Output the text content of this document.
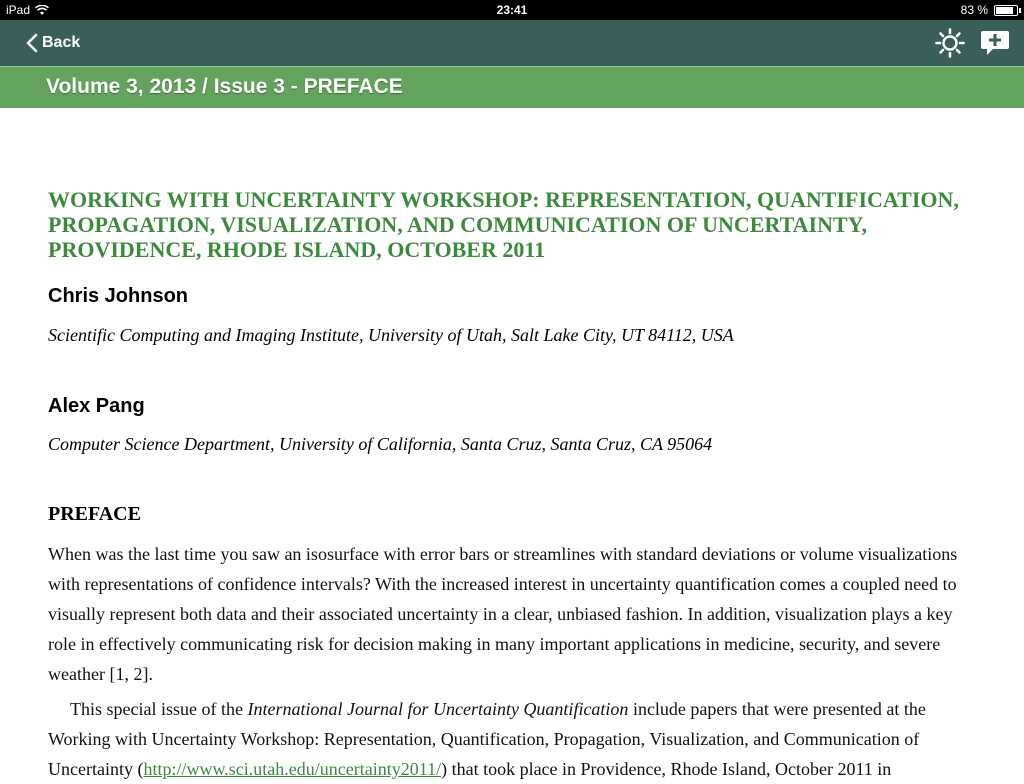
iPad	23:41	83 %
Back
Volume 3, 2013 / Issue 3 - PREFACE
WORKING WITH UNCERTAINTY WORKSHOP: REPRESENTATION, QUANTIFICATION, PROPAGATION, VISUALIZATION, AND COMMUNICATION OF UNCERTAINTY, PROVIDENCE, RHODE ISLAND, OCTOBER 2011

Chris Johnson

Scientific Computing and Imaging Institute, University of Utah, Salt Lake City, UT 84112, USA

Alex Pang

Computer Science Department, University of California, Santa Cruz, Santa Cruz, CA 95064

PREFACE

When was the last time you saw an isosurface with error bars or streamlines with standard deviations or volume visualizations with representations of confidence intervals? With the increased interest in uncertainty quantification comes a coupled need to visually represent both data and their associated uncertainty in a clear, unbiased fashion. In addition, visualization plays a key role in effectively communicating risk for decision making in many important applications in medicine, security, and severe weather [1, 2].

This special issue of the International Journal for Uncertainty Quantification include papers that were presented at the Working with Uncertainty Workshop: Representation, Quantification, Propagation, Visualization, and Communication of Uncertainty (http://www.sci.utah.edu/uncertainty2011/) that took place in Providence, Rhode Island, October 2011 in
